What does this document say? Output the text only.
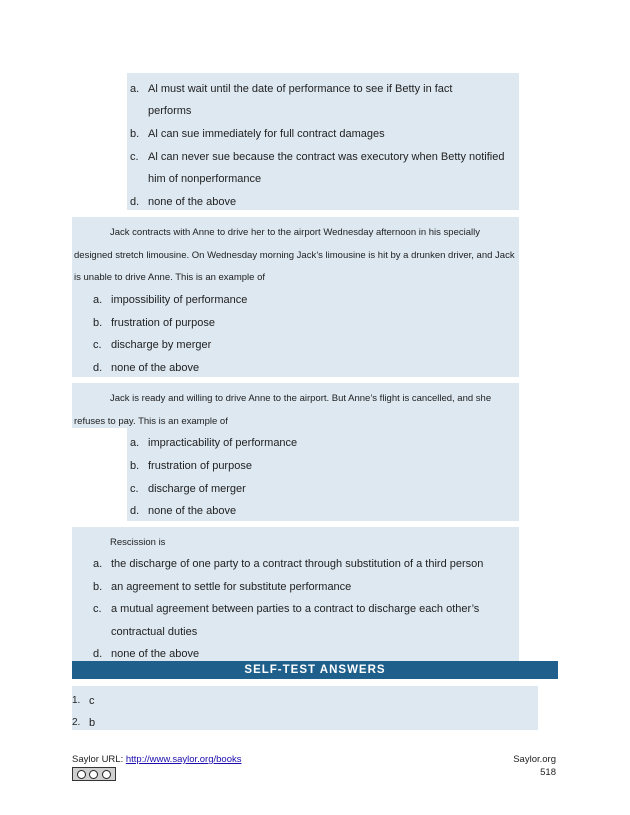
a. Al must wait until the date of performance to see if Betty in fact
performs
b. Al can sue immediately for full contract damages
c. Al can never sue because the contract was executory when Betty notified
him of nonperformance
d. none of the above
Jack contracts with Anne to drive her to the airport Wednesday afternoon in his specially
designed stretch limousine. On Wednesday morning Jack’s limousine is hit by a drunken driver, and Jack
is unable to drive Anne. This is an example of
a. impossibility of performance
b. frustration of purpose
c. discharge by merger
d. none of the above
Jack is ready and willing to drive Anne to the airport. But Anne’s flight is cancelled, and she
refuses to pay. This is an example of
a. impracticability of performance
b. frustration of purpose
c. discharge of merger
d. none of the above
Rescission is
a. the discharge of one party to a contract through substitution of a third person
b. an agreement to settle for substitute performance
c. a mutual agreement between parties to a contract to discharge each other’s
contractual duties
d. none of the above
SELF-TEST ANSWERS
1. c
2. b
Saylor URL: http://www.saylor.org/books	Saylor.org
518
